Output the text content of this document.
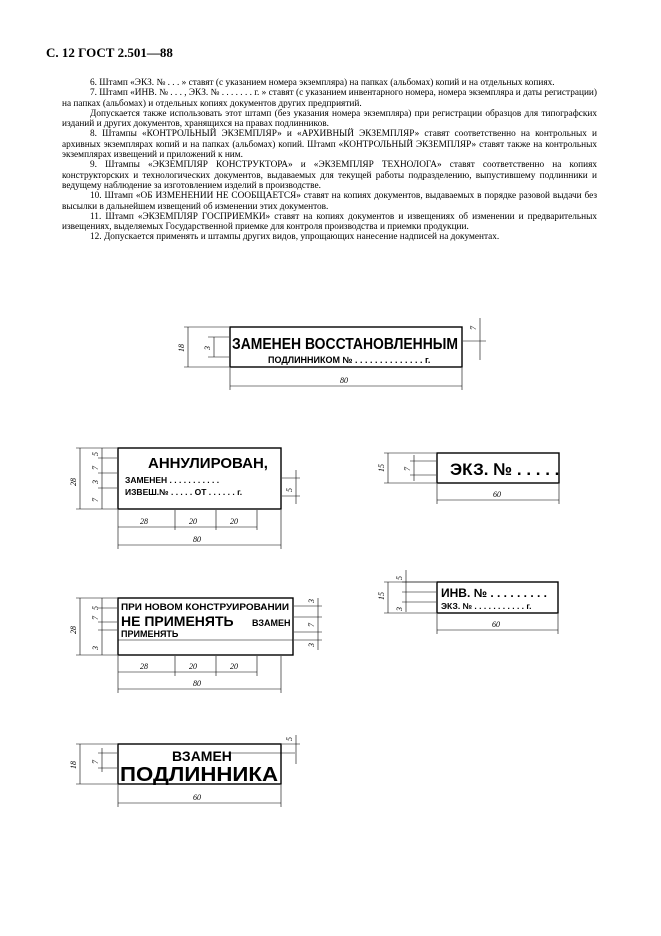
С. 12 ГОСТ 2.501—88

6. Штамп «ЭКЗ. № . . . » ставят (с указанием номера экземпляра) на папках (альбомах) копий и на отдельных копиях.

7. Штамп «ИНВ. № . . . , ЭКЗ. № . . . . . . . г. » ставят (с указанием инвентарного номера, номера экземпляра и даты регистрации) на папках (альбомах) и отдельных копиях документов других предприятий.

Допускается также использовать этот штамп (без указания номера экземпляра) при регистрации образцов для типографских изданий и других документов, хранящихся на правах подлинников.

8. Штампы «КОНТРОЛЬНЫЙ ЭКЗЕМПЛЯР» и «АРХИВНЫЙ ЭКЗЕМПЛЯР» ставят соответственно на контрольных и архивных экземплярах копий и на папках (альбомах) копий. Штамп «КОНТРОЛЬНЫЙ ЭКЗЕМПЛЯР» ставят также на контрольных экземплярах извещений и приложений к ним.

9. Штампы «ЭКЗЕМПЛЯР КОНСТРУКТОРА» и «ЭКЗЕМПЛЯР ТЕХНОЛОГА» ставят соответственно на копиях конструкторских и технологических документов, выдаваемых для текущей работы подразделению, выпустившему подлинники и ведущему наблюдение за изготовлением изделий в производстве.

10. Штамп «ОБ ИЗМЕНЕНИИ НЕ СООБЩАЕТСЯ» ставят на копиях документов, выдаваемых в порядке разовой выдачи без высылки в дальнейшем извещений об изменении этих документов.

11. Штамп «ЭКЗЕМПЛЯР ГОСПРИЕМКИ» ставят на копиях документов и извещениях об изменении и предварительных извещениях, выделяемых Государственной приемке для контроля производства и приемки продукции.

12. Допускается применять и штампы других видов, упрощающих нанесение надписей на документах.

ЗАМЕНЕН ВОССТАНОВЛЕННЫМ
ПОДЛИННИКОМ № . . . . . . . . . . . . . . г.
18 3
7
80
АННУЛИРОВАН,
ЗАМЕНЕН . . . . . . . . . . .
ИЗВЕШ.№ . . . . . ОТ . . . . . . г.
28
5
7
3
7
5
28	20	20
80
ЭКЗ. № . . . . .
15 7
60
ИНВ. № . . . . . . . . .
ЭКЗ. № . . . . . . . . . . . г.
15
5
3
60
ПРИ НОВОМ КОНСТРУИРОВАНИИ
НЕ ПРИМЕНЯТЬ ВЗАМЕН
ПРИМЕНЯТЬ
28
5
7
3
3
7
3
28	20	20
80
ВЗАМЕН
ПОДЛИННИКА
18 7
5
60
